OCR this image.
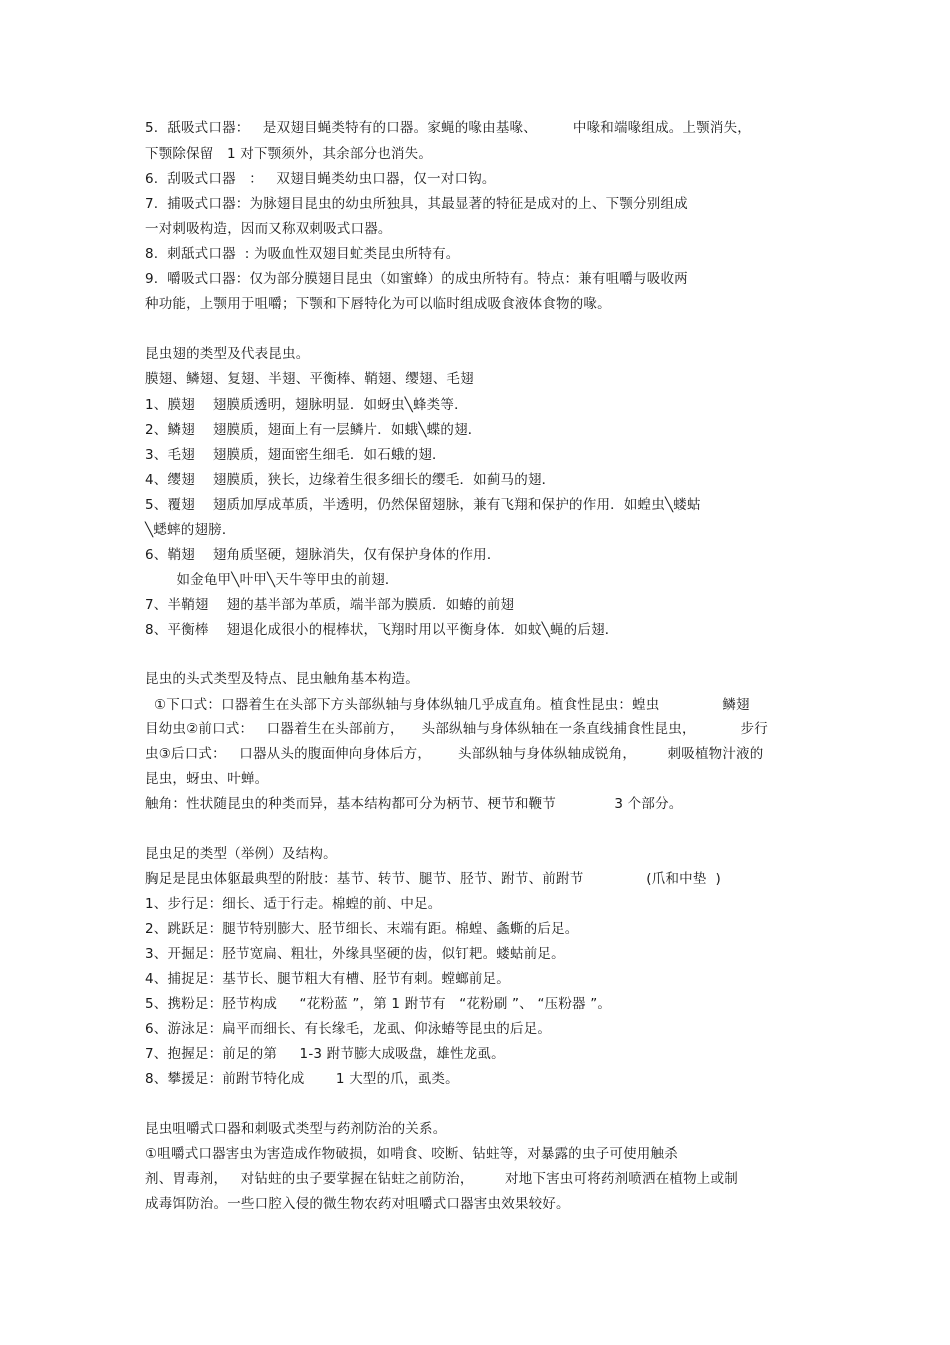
5.  舐吸式口器：   是双翅目蝇类特有的口器。家蝇的喙由基喙、        中喙和端喙组成。上颚消失，
下颚除保留   1 对下颚须外，其余部分也消失。
6.  刮吸式口器   ：   双翅目蝇类幼虫口器，仅一对口钩。
7.  捕吸式口器：为脉翅目昆虫的幼虫所独具，其最显著的特征是成对的上、下颚分别组成
一对刺吸构造，因而又称双刺吸式口器。
8.  刺舐式口器  : 为吸血性双翅目虻类昆虫所特有。
9.  嚼吸式口器：仅为部分膜翅目昆虫（如蜜蜂）的成虫所特有。特点：兼有咀嚼与吸收两
种功能，上颚用于咀嚼；下颚和下唇特化为可以临时组成吸食液体食物的喙。
昆虫翅的类型及代表昆虫。
膜翅、鳞翅、复翅、半翅、平衡棒、鞘翅、缨翅、毛翅
1、膜翅    翅膜质透明，翅脉明显．如蚜虫╲蜂类等．
2、鳞翅    翅膜质，翅面上有一层鳞片．如蛾╲蝶的翅．
3、毛翅    翅膜质，翅面密生细毛．如石蛾的翅．
4、缨翅    翅膜质，狭长，边缘着生很多细长的缨毛．如蓟马的翅．
5、覆翅    翅质加厚成革质，半透明，仍然保留翅脉，兼有飞翔和保护的作用．如蝗虫╲蝼蛄
╲蟋蟀的翅膀．
6、鞘翅    翅角质坚硬，翅脉消失，仅有保护身体的作用．
如金龟甲╲叶甲╲天牛等甲虫的前翅．
7、半鞘翅    翅的基半部为革质，端半部为膜质．如蝽的前翅
8、平衡棒    翅退化成很小的棍棒状，飞翔时用以平衡身体．如蚊╲蝇的后翅．
昆虫的头式类型及特点、昆虫触角基本构造。
①下口式：口器着生在头部下方头部纵轴与身体纵轴几乎成直角。植食性昆虫：蝗虫              鳞翅
目幼虫②前口式：   口器着生在头部前方，    头部纵轴与身体纵轴在一条直线捕食性昆虫，          步行
虫③后口式：   口器从头的腹面伸向身体后方，      头部纵轴与身体纵轴成锐角，       刺吸植物汁液的
昆虫，蚜虫、叶蝉。
触角：性状随昆虫的种类而异，基本结构都可分为柄节、梗节和鞭节             3 个部分。
昆虫足的类型（举例）及结构。
胸足是昆虫体躯最典型的附肢：基节、转节、腿节、胫节、跗节、前跗节              (爪和中垫  )
1、步行足：细长、适于行走。棉蝗的前、中足。
2、跳跃足：腿节特别膨大、胫节细长、末端有距。棉蝗、螽蟖的后足。
3、开掘足：胫节宽扁、粗壮，外缘具坚硬的齿，似钉耙。蝼蛄前足。
4、捕捉足：基节长、腿节粗大有槽、胫节有刺。螳螂前足。
5、携粉足：胫节构成     “花粉蓝 ”，第 1 跗节有   “花粉刷 ”、 “压粉器 ”。
6、游泳足：扁平而细长、有长缘毛，龙虱、仰泳蝽等昆虫的后足。
7、抱握足：前足的第     1-3 跗节膨大成吸盘，雄性龙虱。
8、攀援足：前跗节特化成       1 大型的爪，虱类。
昆虫咀嚼式口器和刺吸式类型与药剂防治的关系。
①咀嚼式口器害虫为害造成作物破损，如啃食、咬断、钻蛀等，对暴露的虫子可使用触杀
剂、胃毒剂，   对钻蛀的虫子要掌握在钻蛀之前防治，       对地下害虫可将药剂喷洒在植物上或制
成毒饵防治。一些口腔入侵的微生物农药对咀嚼式口器害虫效果较好。
